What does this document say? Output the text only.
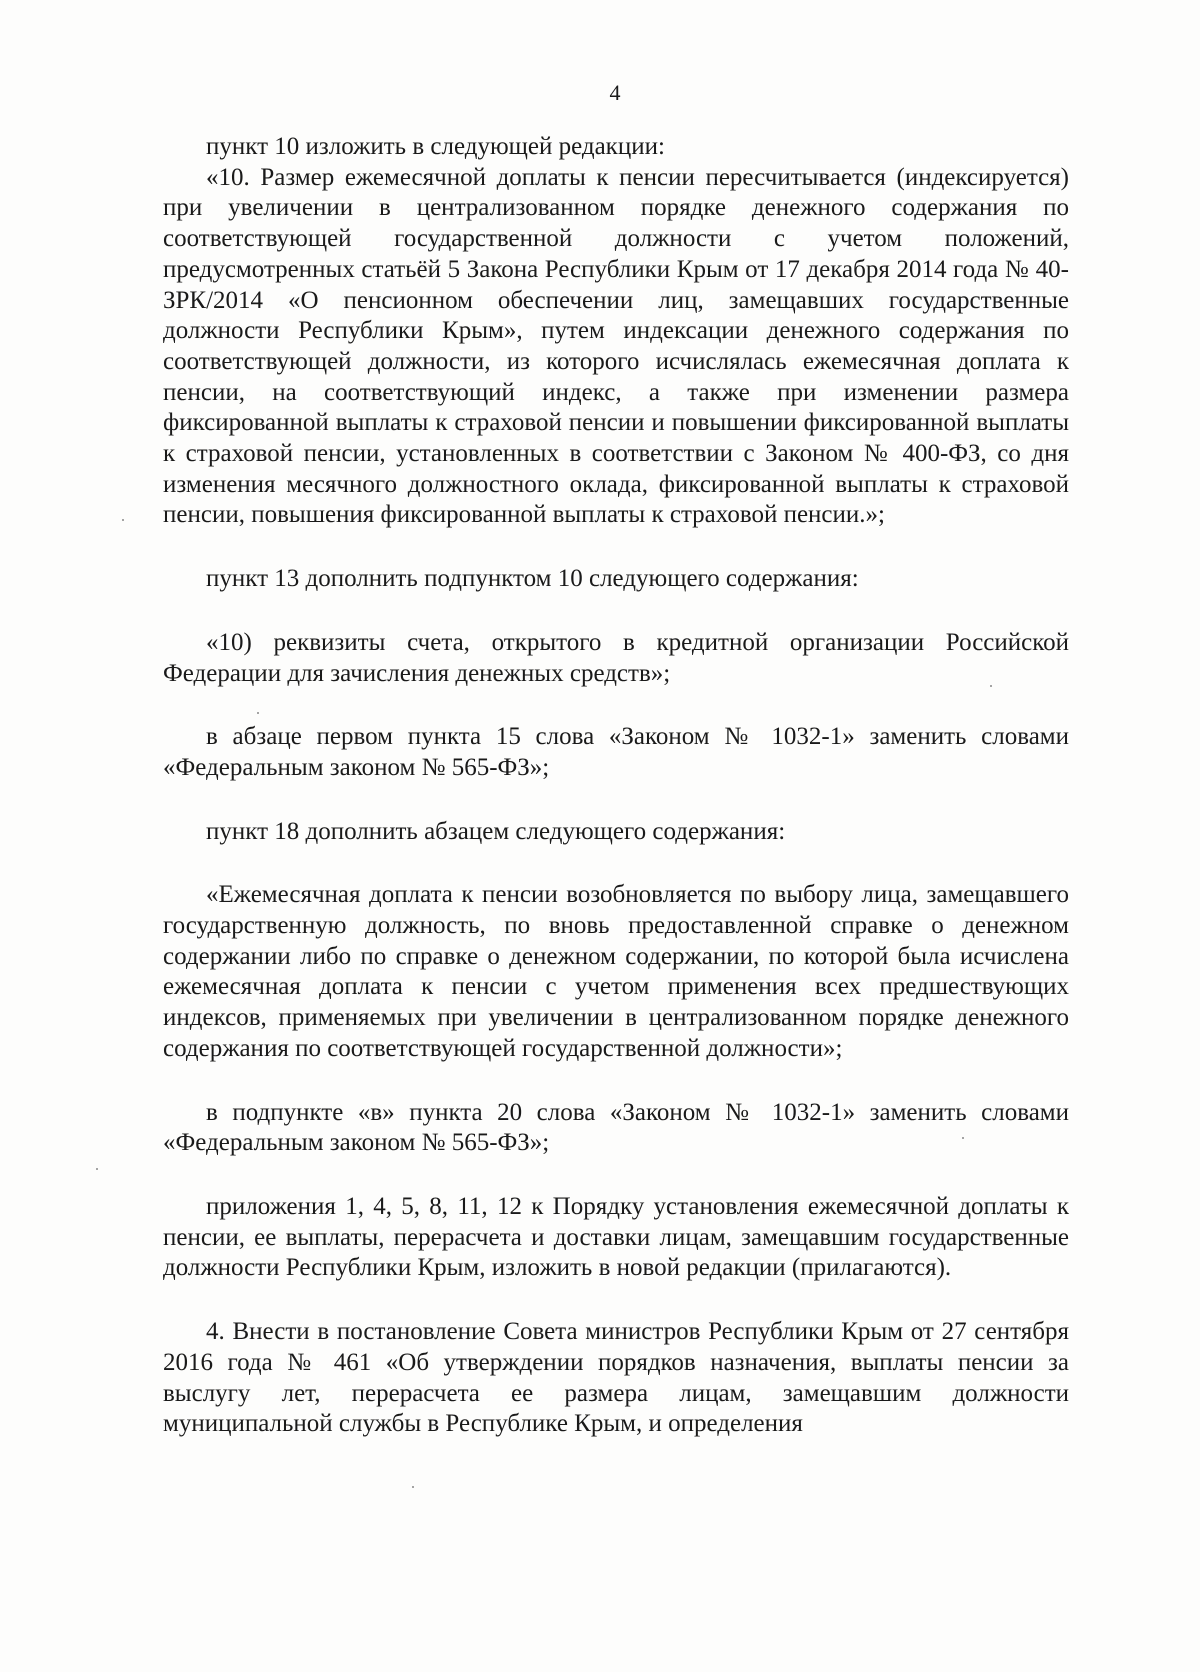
4

пункт 10 изложить в следующей редакции:

«10. Размер ежемесячной доплаты к пенсии пересчитывается (индексируется) при увеличении в централизованном порядке денежного содержания по соответствующей государственной должности с учетом положений, предусмотренных статьёй 5 Закона Республики Крым от 17 декабря 2014 года № 40-ЗРК/2014 «О пенсионном обеспечении лиц, замещавших государственные должности Республики Крым», путем индексации денежного содержания по соответствующей должности, из которого исчислялась ежемесячная доплата к пенсии, на соответствующий индекс, а также при изменении размера фиксированной выплаты к страховой пенсии и повышении фиксированной выплаты к страховой пенсии, установленных в соответствии с Законом № 400-ФЗ, со дня изменения месячного должностного оклада, фиксированной выплаты к страховой пенсии, повышения фиксированной выплаты к страховой пенсии.»;

пункт 13 дополнить подпунктом 10 следующего содержания:

«10) реквизиты счета, открытого в кредитной организации Российской Федерации для зачисления денежных средств»;

в абзаце первом пункта 15 слова «Законом № 1032-1» заменить словами «Федеральным законом № 565-ФЗ»;

пункт 18 дополнить абзацем следующего содержания:

«Ежемесячная доплата к пенсии возобновляется по выбору лица, замещавшего государственную должность, по вновь предоставленной справке о денежном содержании либо по справке о денежном содержании, по которой была исчислена ежемесячная доплата к пенсии с учетом применения всех предшествующих индексов, применяемых при увеличении в централизованном порядке денежного содержания по соответствующей государственной должности»;

в подпункте «в» пункта 20 слова «Законом № 1032-1» заменить словами «Федеральным законом № 565-ФЗ»;

приложения 1, 4, 5, 8, 11, 12 к Порядку установления ежемесячной доплаты к пенсии, ее выплаты, перерасчета и доставки лицам, замещавшим государственные должности Республики Крым, изложить в новой редакции (прилагаются).

4. Внести в постановление Совета министров Республики Крым от 27 сентября 2016 года № 461 «Об утверждении порядков назначения, выплаты пенсии за выслугу лет, перерасчета ее размера лицам, замещавшим должности муниципальной службы в Республике Крым, и определения
